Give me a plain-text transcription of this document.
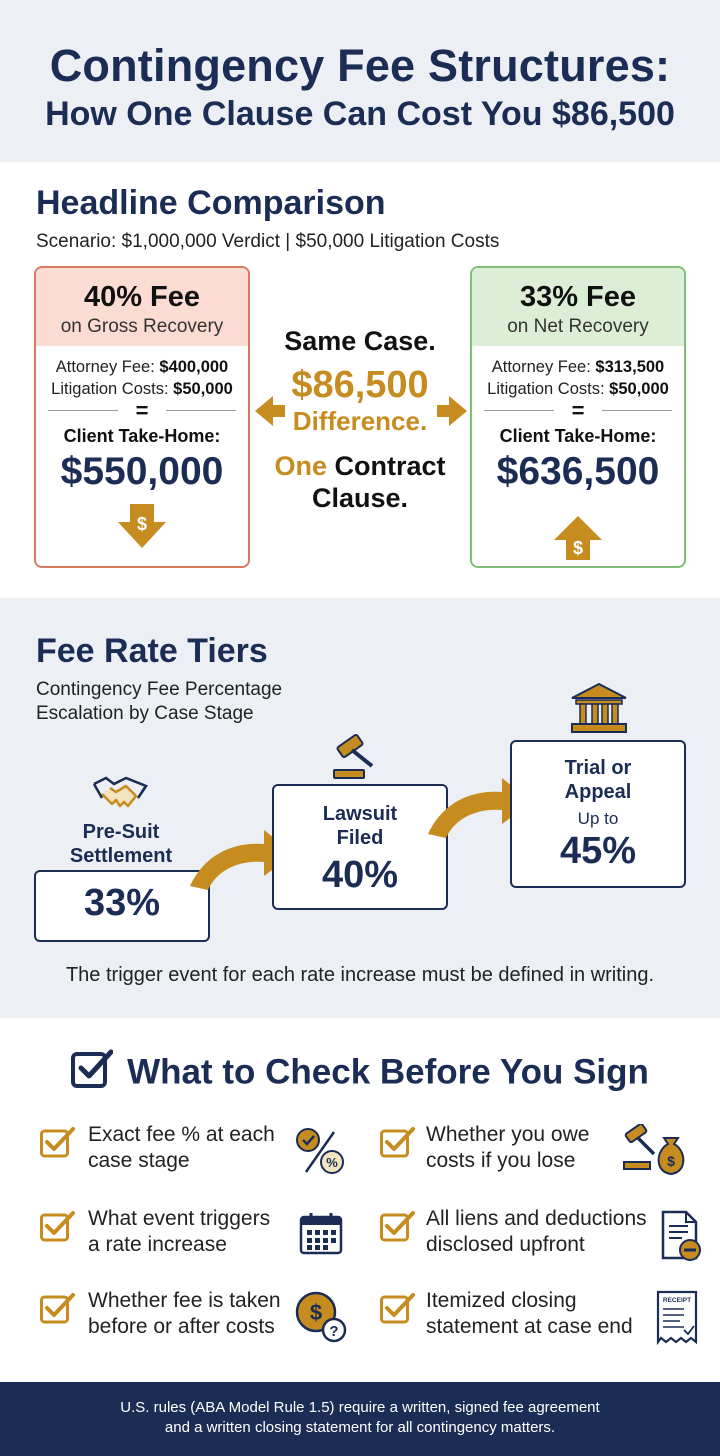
Contingency Fee Structures:
How One Clause Can Cost You $86,500
Headline Comparison
Scenario: $1,000,000 Verdict | $50,000 Litigation Costs
40% Fee
on Gross Recovery
Attorney Fee: $400,000
Litigation Costs: $50,000
=
Client Take-Home:
$550,000
$
Same Case.
$86,500
Difference.
One Contract
Clause.
33% Fee
on Net Recovery
Attorney Fee: $313,500
Litigation Costs: $50,000
=
Client Take-Home:
$636,500
$
Fee Rate Tiers
Contingency Fee Percentage
Escalation by Case Stage
Pre-Suit
Settlement
33%
Lawsuit
Filed
40%
Trial or
Appeal
Up to
45%
The trigger event for each rate increase must be defined in writing.
What to Check Before You Sign
Exact fee % at each
case stage	%
Whether you owe
costs if you lose	$
What event triggers
a rate increase
All liens and deductions
disclosed upfront
Whether fee is taken
before or after costs
$
?
Itemized closing
statement at case end
RECEIPT
U.S. rules (ABA Model Rule 1.5) require a written, signed fee agreement
and a written closing statement for all contingency matters.
